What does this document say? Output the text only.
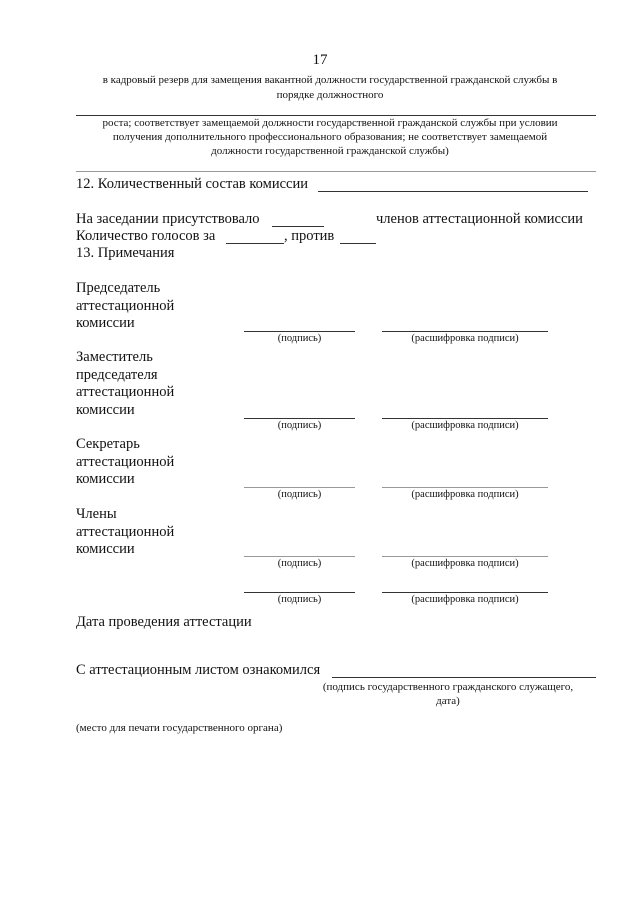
17
в кадровый резерв для замещения вакантной должности государственной гражданской службы в
порядке должностного
роста; соответствует замещаемой должности государственной гражданской службы при условии
получения дополнительного профессионального образования; не соответствует замещаемой
должности государственной гражданской службы)
12. Количественный состав комиссии
На заседании присутствовало	членов аттестационной комиссии
Количество голосов за	, против
13. Примечания
Председатель
аттестационной
комиссии
(подпись)	(расшифровка подписи)
Заместитель
председателя
аттестационной
комиссии
(подпись)	(расшифровка подписи)
Секретарь
аттестационной
комиссии
(подпись)	(расшифровка подписи)
Члены
аттестационной
комиссии
(подпись)	(расшифровка подписи)
(подпись)	(расшифровка подписи)
Дата проведения аттестации
С аттестационным листом ознакомился
(подпись государственного гражданского служащего,
дата)
(место для печати государственного органа)
